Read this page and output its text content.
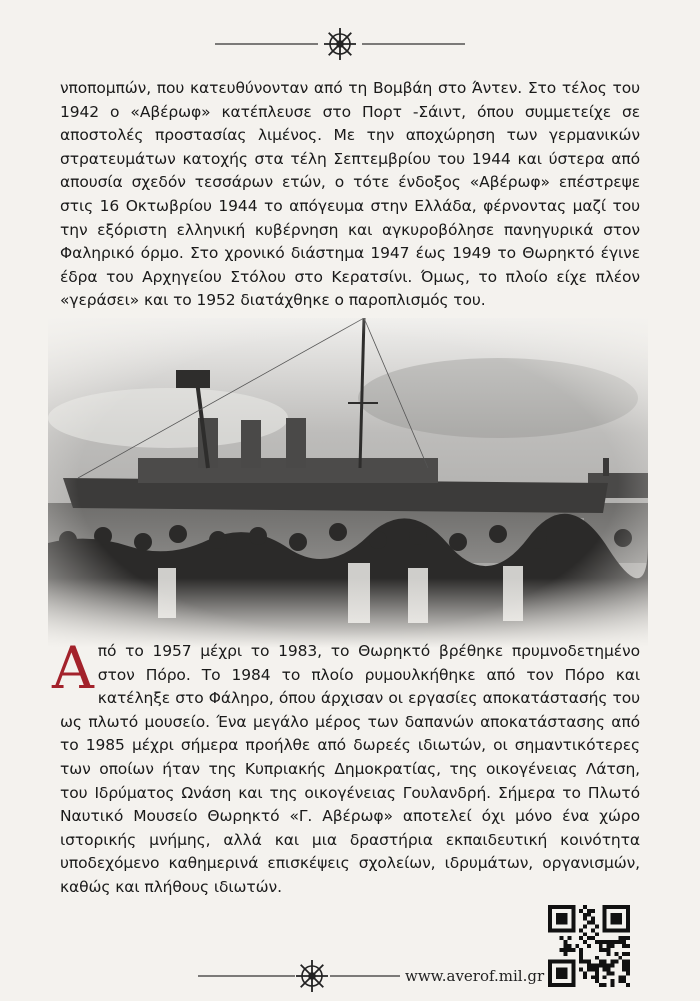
νποπομπών, που κατευθύνονταν από τη Βομβάη στο Άντεν. Στο τέλος του 1942 ο «Αβέρωφ» κατέπλευσε στο Πορτ -Σάιντ, όπου συμμετείχε σε αποστολές προστασίας λιμένος. Με την αποχώρηση των γερμανικών στρατευμάτων κατοχής στα τέλη Σεπτεμβρίου του 1944 και ύστερα από απουσία σχεδόν τεσσάρων ετών, ο τότε ένδοξος «Αβέρωφ» επέστρεψε στις 16 Οκτωβρίου 1944 το απόγευμα στην Ελλάδα, φέρνοντας μαζί του την εξόριστη ελληνική κυβέρνηση και αγκυροβόλησε πανηγυρικά στον Φαληρικό όρμο. Στο χρονικό διάστημα 1947 έως 1949 το Θωρηκτό έγινε έδρα του Αρχηγείου Στόλου στο Κερατσίνι. Όμως, το πλοίο είχε πλέον «γεράσει» και το 1952 διατάχθηκε ο παροπλισμός του.
Από το 1957 μέχρι το 1983, το Θωρηκτό βρέθηκε πρυμνοδετημένο στον Πόρο. Το 1984 το πλοίο ρυμουλκήθηκε από τον Πόρο και κατέληξε στο Φάληρο, όπου άρχισαν οι εργασίες αποκατάστασής του ως πλωτό μουσείο. Ένα μεγάλο μέρος των δαπανών αποκατάστασης από το 1985 μέχρι σήμερα προήλθε από δωρεές ιδιωτών, οι σημαντικότερες των οποίων ήταν της Κυπριακής Δημοκρατίας, της οικογένειας Λάτση, του Ιδρύματος Ωνάση και της οικογένειας Γουλανδρή. Σήμερα το Πλωτό Ναυτικό Μουσείο Θωρηκτό «Γ. Αβέρωφ» αποτελεί όχι μόνο ένα χώρο ιστορικής μνήμης, αλλά και μια δραστήρια εκπαιδευτική κοινότητα υποδεχόμενο καθημερινά επισκέψεις σχολείων, ιδρυμάτων, οργανισμών, καθώς και πλήθους ιδιωτών.
www.averof.mil.gr
